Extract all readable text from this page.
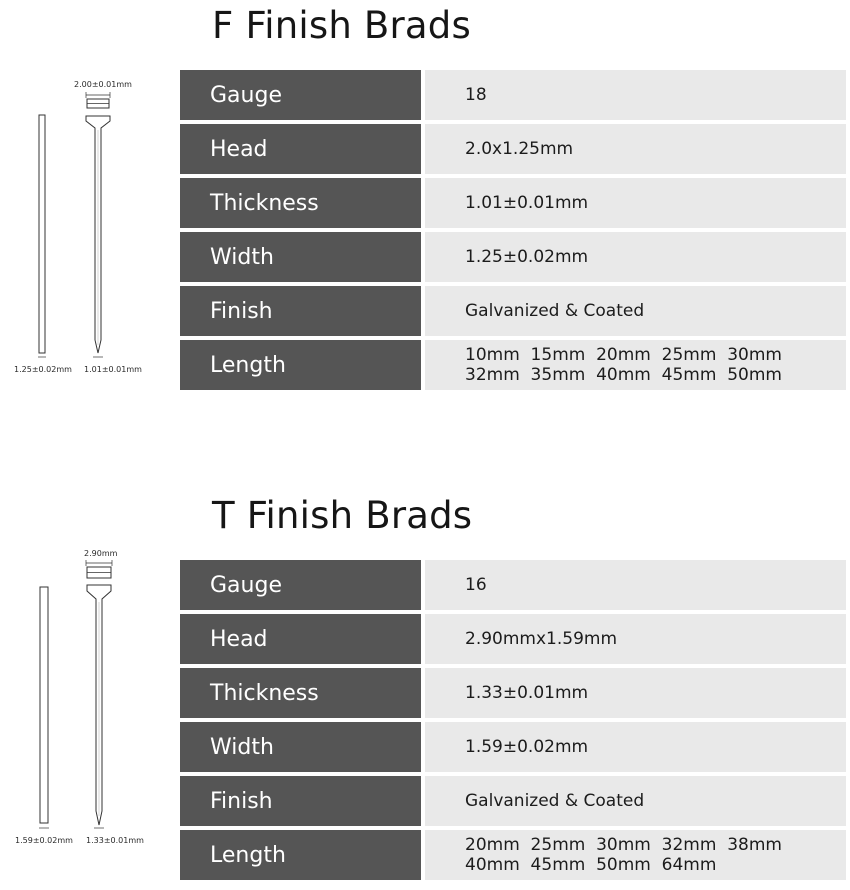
F Finish Brads
2.00±0.01mm
1.25±0.02mm 1.01±0.01mm
Gauge	18
Head	2.0x1.25mm
Thickness	1.01±0.01mm
Width	1.25±0.02mm
Finish	Galvanized & Coated
Length	10mm  15mm  20mm  25mm  30mm
32mm  35mm  40mm  45mm  50mm
T Finish Brads
2.90mm
1.59±0.02mm 1.33±0.01mm
Gauge	16
Head	2.90mmx1.59mm
Thickness	1.33±0.01mm
Width	1.59±0.02mm
Finish	Galvanized & Coated
Length	20mm  25mm  30mm  32mm  38mm
40mm  45mm  50mm  64mm
